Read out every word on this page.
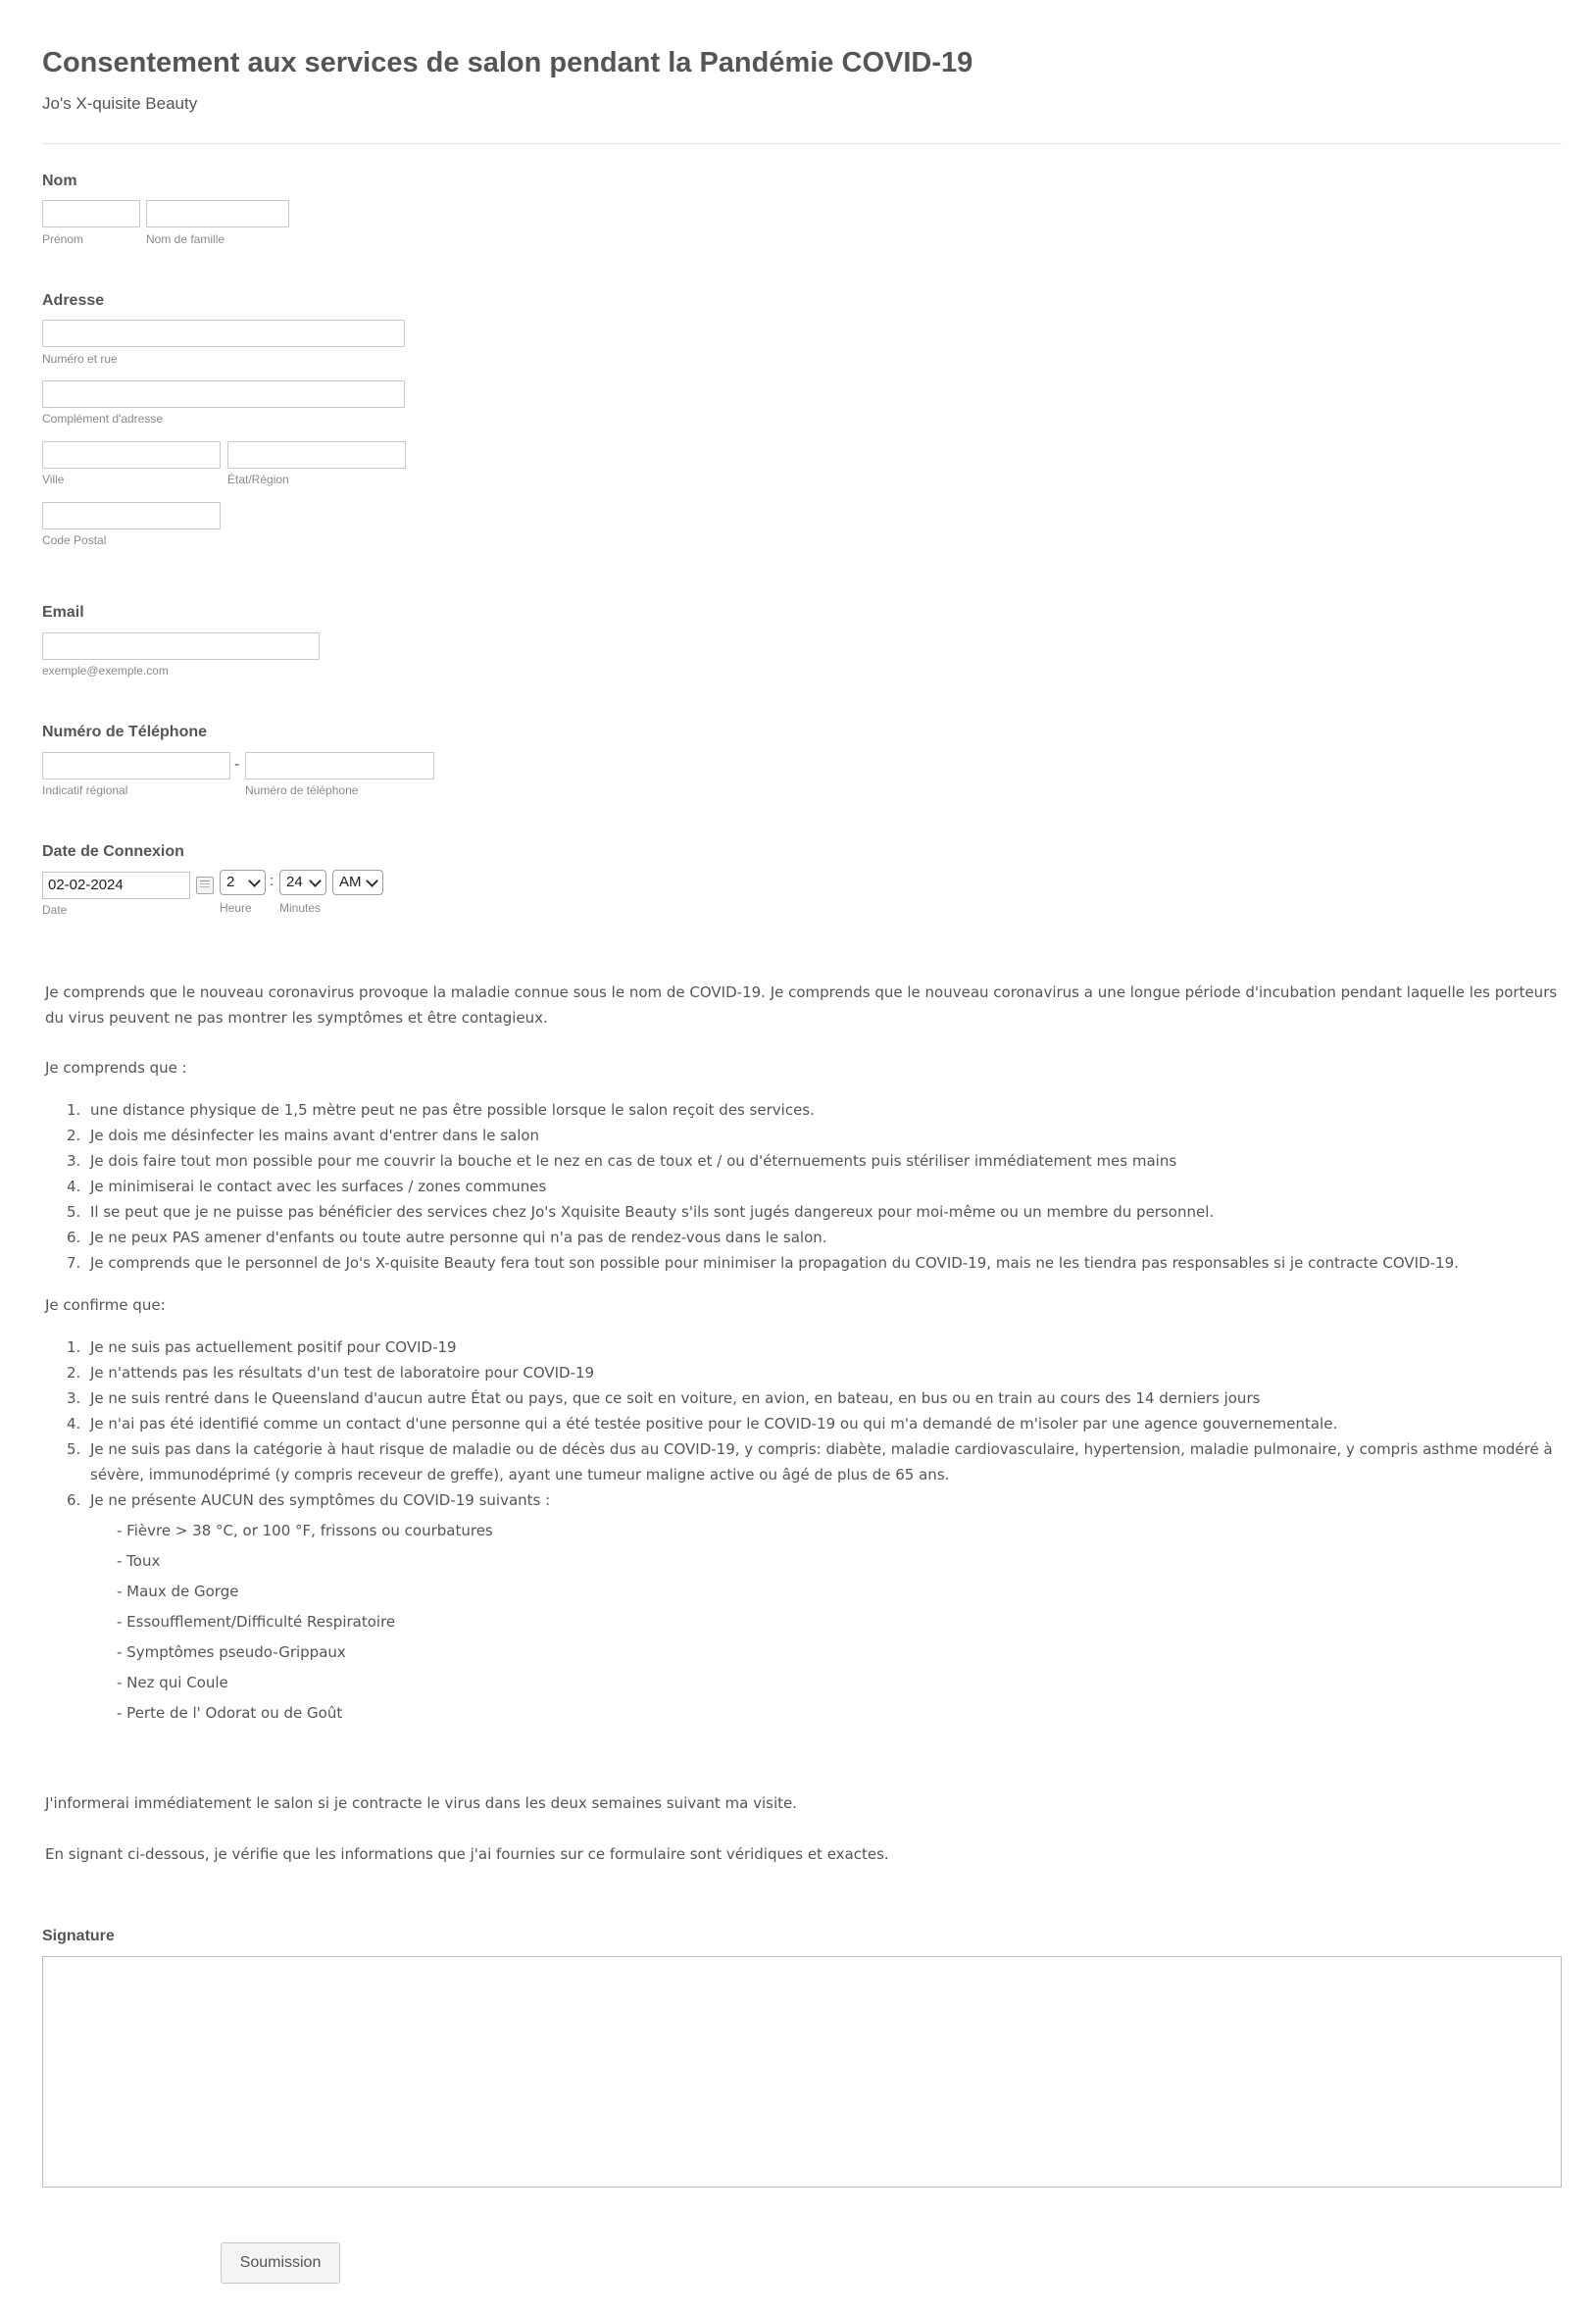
Consentement aux services de salon pendant la Pandémie COVID-19
Jo's X-quisite Beauty
Nom
Prénom	Nom de famille
Adresse
Numéro et rue
Complément d'adresse
Ville	État/Région
Code Postal
Email
exemple@exemple.com
Numéro de Téléphone
-
Indicatif régional	Numéro de téléphone
Date de Connexion
02-02-2024
Date
2	: 24	AM
Heure Minutes

Je comprends que le nouveau coronavirus provoque la maladie connue sous le nom de COVID-19. Je comprends que le nouveau coronavirus a une longue période d'incubation pendant laquelle les porteurs du virus peuvent ne pas montrer les symptômes et être contagieux.

Je comprends que :

1. une distance physique de 1,5 mètre peut ne pas être possible lorsque le salon reçoit des services.
2. Je dois me désinfecter les mains avant d'entrer dans le salon
3. Je dois faire tout mon possible pour me couvrir la bouche et le nez en cas de toux et / ou d'éternuements puis stériliser immédiatement mes mains
4. Je minimiserai le contact avec les surfaces / zones communes
5. Il se peut que je ne puisse pas bénéficier des services chez Jo's Xquisite Beauty s'ils sont jugés dangereux pour moi-même ou un membre du personnel.
6. Je ne peux PAS amener d'enfants ou toute autre personne qui n'a pas de rendez-vous dans le salon.
7. Je comprends que le personnel de Jo's X-quisite Beauty fera tout son possible pour minimiser la propagation du COVID-19, mais ne les tiendra pas responsables si je contracte COVID-19.

Je confirme que:

1. Je ne suis pas actuellement positif pour COVID-19
2. Je n'attends pas les résultats d'un test de laboratoire pour COVID-19
3. Je ne suis rentré dans le Queensland d'aucun autre État ou pays, que ce soit en voiture, en avion, en bateau, en bus ou en train au cours des 14 derniers jours
4. Je n'ai pas été identifié comme un contact d'une personne qui a été testée positive pour le COVID-19 ou qui m'a demandé de m'isoler par une agence gouvernementale.
5. Je ne suis pas dans la catégorie à haut risque de maladie ou de décès dus au COVID-19, y compris: diabète, maladie cardiovasculaire, hypertension, maladie pulmonaire, y compris asthme modéré à sévère, immunodéprimé (y compris receveur de greffe), ayant une tumeur maligne active ou âgé de plus de 65 ans.
6. Je ne présente AUCUN des symptômes du COVID-19 suivants :
- Fièvre > 38 °C, or 100 °F, frissons ou courbatures
- Toux
- Maux de Gorge
- Essoufflement/Difficulté Respiratoire
- Symptômes pseudo-Grippaux
- Nez qui Coule
- Perte de l' Odorat ou de Goût
J'informerai immédiatement le salon si je contracte le virus dans les deux semaines suivant ma visite.
En signant ci-dessous, je vérifie que les informations que j'ai fournies sur ce formulaire sont véridiques et exactes.
Signature
Soumission
